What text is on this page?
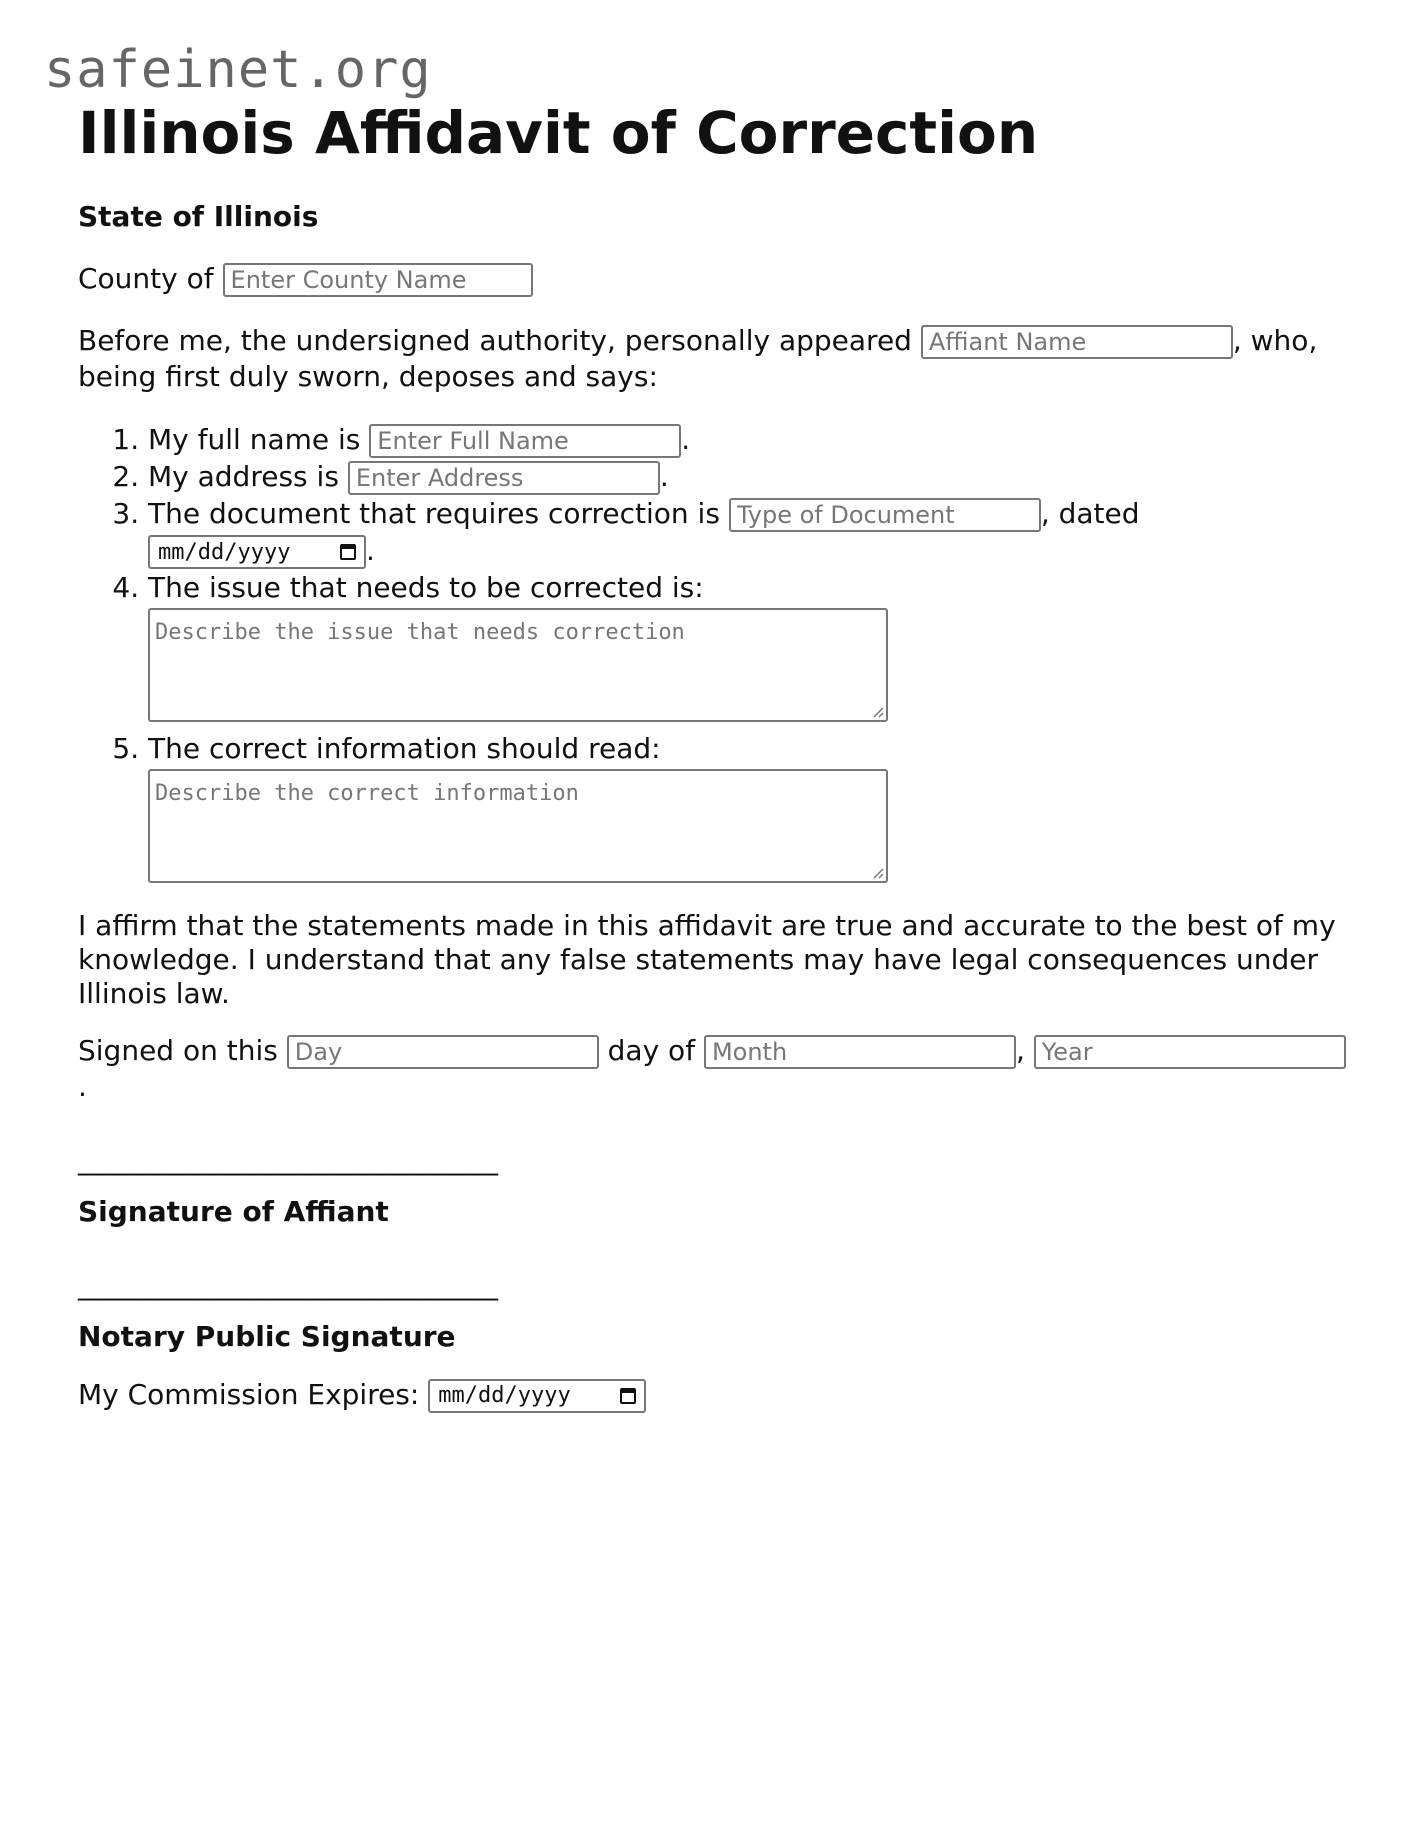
safeinet.org
Illinois Affidavit of Correction

State of Illinois

County of Enter County Name

Before me, the undersigned authority, personally appeared Affiant Name	, who, being first duly sworn, deposes and says:

1. My full name is Enter Full Name	.
2. My address is Enter Address	.
3. The document that requires correction is Type of Document	, dated

mm/dd/yyyy	.
4. The issue that needs to be corrected is:
Describe the issue that needs correction
5. The correct information should read:
Describe the correct information

I affirm that the statements made in this affidavit are true and accurate to the best of my knowledge. I understand that any false statements may have legal consequences under Illinois law.

Signed on this Day	day of Month	, Year
.

______________________________

Signature of Affiant

______________________________

Notary Public Signature

My Commission Expires: mm/dd/yyyy
